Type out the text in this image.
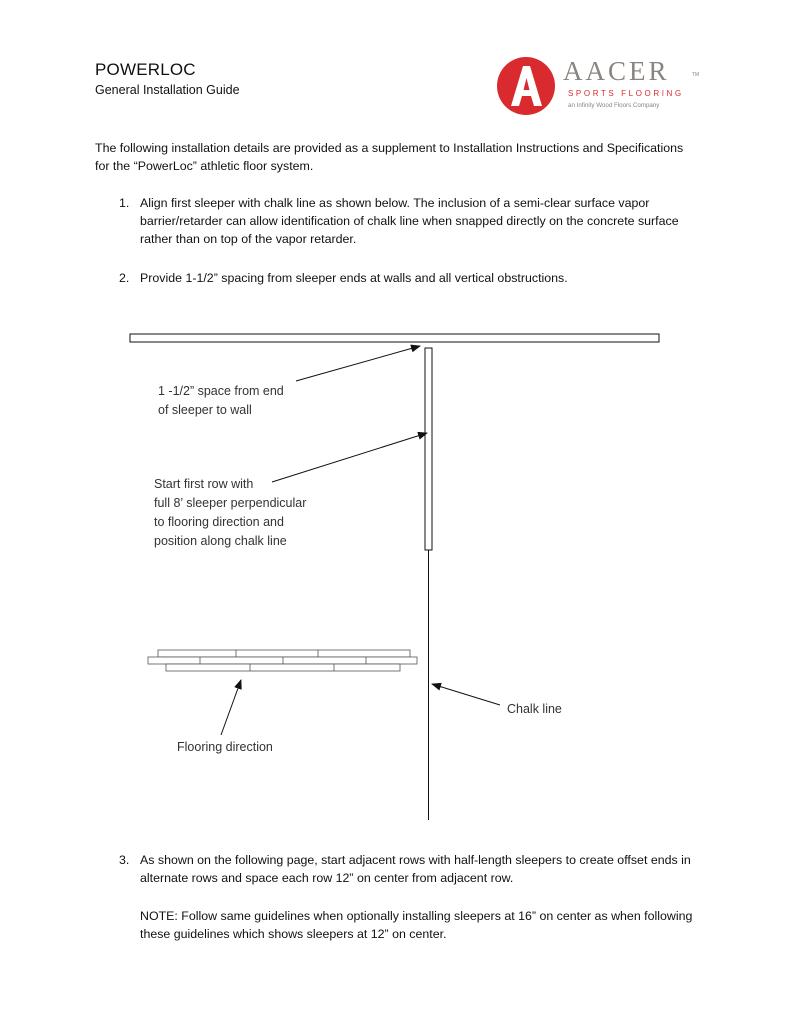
POWERLOC
General Installation Guide
AACER	TM
SPORTS FLOORING
an Infinity Wood Floors Company
The following installation details are provided as a supplement to Installation Instructions and Specifications for the “PowerLoc” athletic floor system.
1. Align first sleeper with chalk line as shown below. The inclusion of a semi-clear surface vapor barrier/retarder can allow identification of chalk line when snapped directly on the concrete surface rather than on top of the vapor retarder.
2. Provide 1-1/2” spacing from sleeper ends at walls and all vertical obstructions.
1 -1/2” space from end
of sleeper to wall
Start first row with
full 8’ sleeper perpendicular
to flooring direction and
position along chalk line
Chalk line
Flooring direction
3. As shown on the following page, start adjacent rows with half-length sleepers to create offset ends in alternate rows and space each row 12” on center from adjacent row.
NOTE: Follow same guidelines when optionally installing sleepers at 16” on center as when following these guidelines which shows sleepers at 12” on center.
